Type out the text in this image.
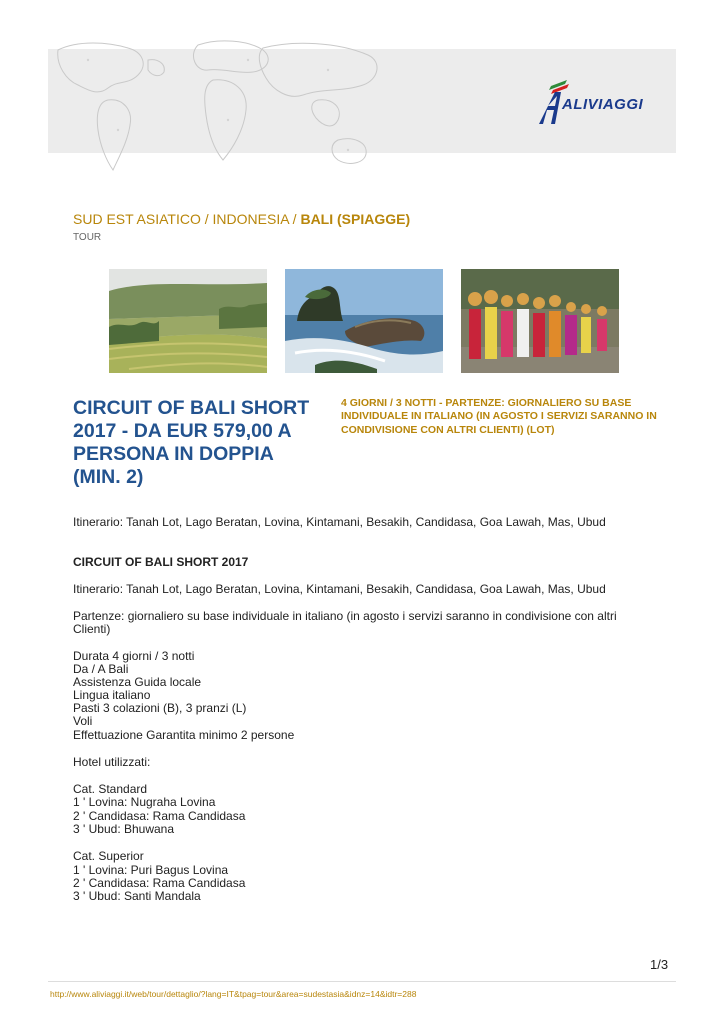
ALIVIAGGI
SUD EST ASIATICO / INDONESIA / BALI (SPIAGGE)
TOUR
CIRCUIT OF BALI SHORT 2017 - DA EUR 579,00 A PERSONA IN DOPPIA (MIN. 2)
4 GIORNI / 3 NOTTI - PARTENZE: GIORNALIERO SU BASE INDIVIDUALE IN ITALIANO (IN AGOSTO I SERVIZI SARANNO IN CONDIVISIONE CON ALTRI CLIENTI) (LOT)
Itinerario: Tanah Lot, Lago Beratan, Lovina, Kintamani, Besakih, Candidasa, Goa Lawah, Mas, Ubud
CIRCUIT OF BALI SHORT 2017
Itinerario: Tanah Lot, Lago Beratan, Lovina, Kintamani, Besakih, Candidasa, Goa Lawah, Mas, Ubud
Partenze: giornaliero su base individuale in italiano (in agosto i servizi saranno in condivisione con altri
Clienti)
Durata 4 giorni / 3 notti
Da / A Bali
Assistenza Guida locale
Lingua italiano
Pasti 3 colazioni (B), 3 pranzi (L)
Voli
Effettuazione Garantita minimo 2 persone
Hotel utilizzati:
Cat. Standard
1 ' Lovina: Nugraha Lovina
2 ' Candidasa: Rama Candidasa
3 ' Ubud: Bhuwana
Cat. Superior
1 ' Lovina: Puri Bagus Lovina
2 ' Candidasa: Rama Candidasa
3 ' Ubud: Santi Mandala
1/3
http://www.aliviaggi.it/web/tour/dettaglio/?lang=IT&tpag=tour&area=sudestasia&idnz=14&idtr=288
